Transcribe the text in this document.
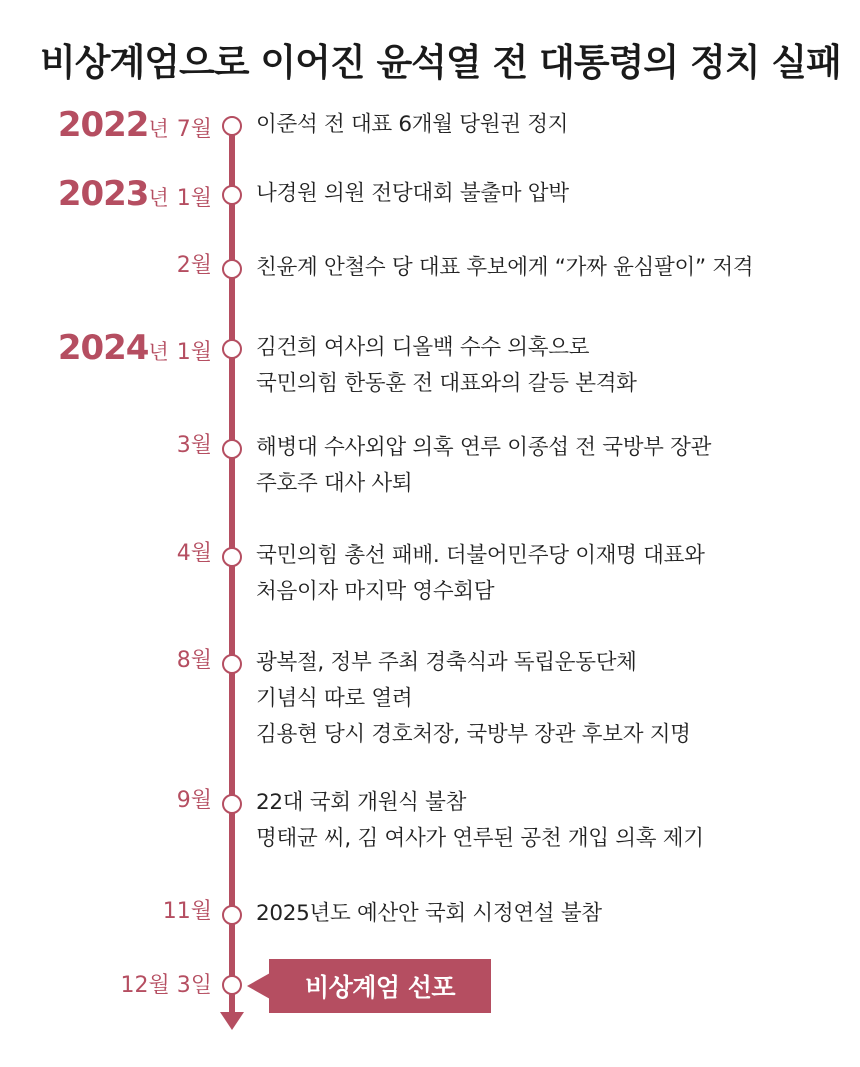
비상계엄으로 이어진 윤석열 전 대통령의 정치 실패
2022 년 7월 이준석 전 대표 6개월 당원권 정지
2023 년 1월 나경원 의원 전당대회 불출마 압박
2월 친윤계 안철수 당 대표 후보에게 “가짜 윤심팔이” 저격
2024 년 1월 김건희 여사의 디올백 수수 의혹으로
국민의힘 한동훈 전 대표와의 갈등 본격화
3월 해병대 수사외압 의혹 연루 이종섭 전 국방부 장관
주호주 대사 사퇴
4월 국민의힘 총선 패배. 더불어민주당 이재명 대표와
처음이자 마지막 영수회담
8월 광복절, 정부 주최 경축식과 독립운동단체
기념식 따로 열려
김용현 당시 경호처장, 국방부 장관 후보자 지명
9월 22대 국회 개원식 불참
명태균 씨, 김 여사가 연루된 공천 개입 의혹 제기
11월 2025년도 예산안 국회 시정연설 불참
12월 3일	비상계엄 선포
